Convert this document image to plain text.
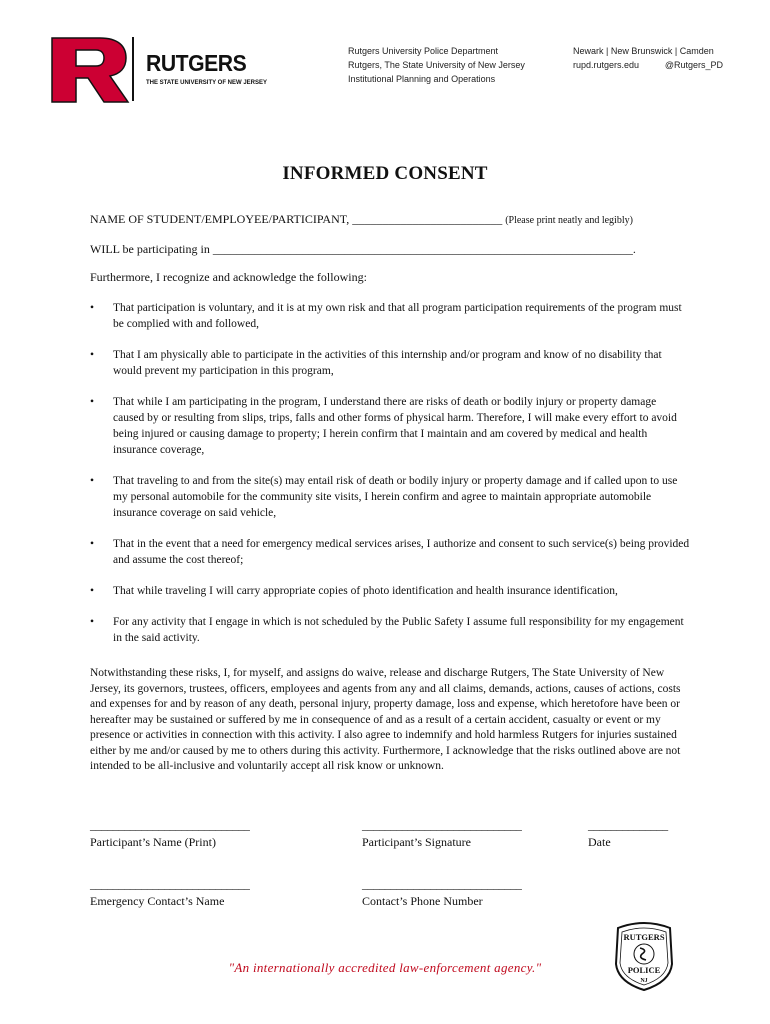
RUTGERS
THE STATE UNIVERSITY OF NEW JERSEY
Rutgers University Police Department
Rutgers, The State University of New Jersey
Institutional Planning and Operations
Newark | New Brunswick | Camden
rupd.rutgers.edu	@Rutgers_PD
INFORMED CONSENT
NAME OF STUDENT/EMPLOYEE/PARTICIPANT, _________________________ (Please print neatly and legibly)
WILL be participating in ______________________________________________________________________.
Furthermore, I recognize and acknowledge the following:
• That participation is voluntary, and it is at my own risk and that all program participation requirements of the program must be complied with and followed,
• That I am physically able to participate in the activities of this internship and/or program and know of no disability that would prevent my participation in this program,
• That while I am participating in the program, I understand there are risks of death or bodily injury or property damage caused by or resulting from slips, trips, falls and other forms of physical harm. Therefore, I will make every effort to avoid being injured or causing damage to property; I herein confirm that I maintain and am covered by medical and health insurance coverage,
• That traveling to and from the site(s) may entail risk of death or bodily injury or property damage and if called upon to use my personal automobile for the community site visits, I herein confirm and agree to maintain appropriate automobile insurance coverage on said vehicle,
• That in the event that a need for emergency medical services arises, I authorize and consent to such service(s) being provided and assume the cost thereof;
• That while traveling I will carry appropriate copies of photo identification and health insurance identification,
• For any activity that I engage in which is not scheduled by the Public Safety I assume full responsibility for my engagement in the said activity.

Notwithstanding these risks, I, for myself, and assigns do waive, release and discharge Rutgers, The State University of New Jersey, its governors, trustees, officers, employees and agents from any and all claims, demands, actions, causes of actions, costs and expenses for and by reason of any death, personal injury, property damage, loss and expense, which heretofore have been or hereafter may be sustained or suffered by me in consequence of and as a result of a certain accident, casualty or event or my presence or activities in connection with this activity. I also agree to indemnify and hold harmless Rutgers for injuries sustained either by me and/or caused by me to others during this activity. Furthermore, I acknowledge that the risks outlined above are not intended to be all-inclusive and voluntarily accept all risk know or unknown.

____________________________
Participant’s Name (Print)
____________________________
Participant’s Signature
______________
Date
____________________________
Emergency Contact’s Name
____________________________
Contact’s Phone Number
"An internationally accredited law-enforcement agency."
RUTGERS
POLICE
NJ
